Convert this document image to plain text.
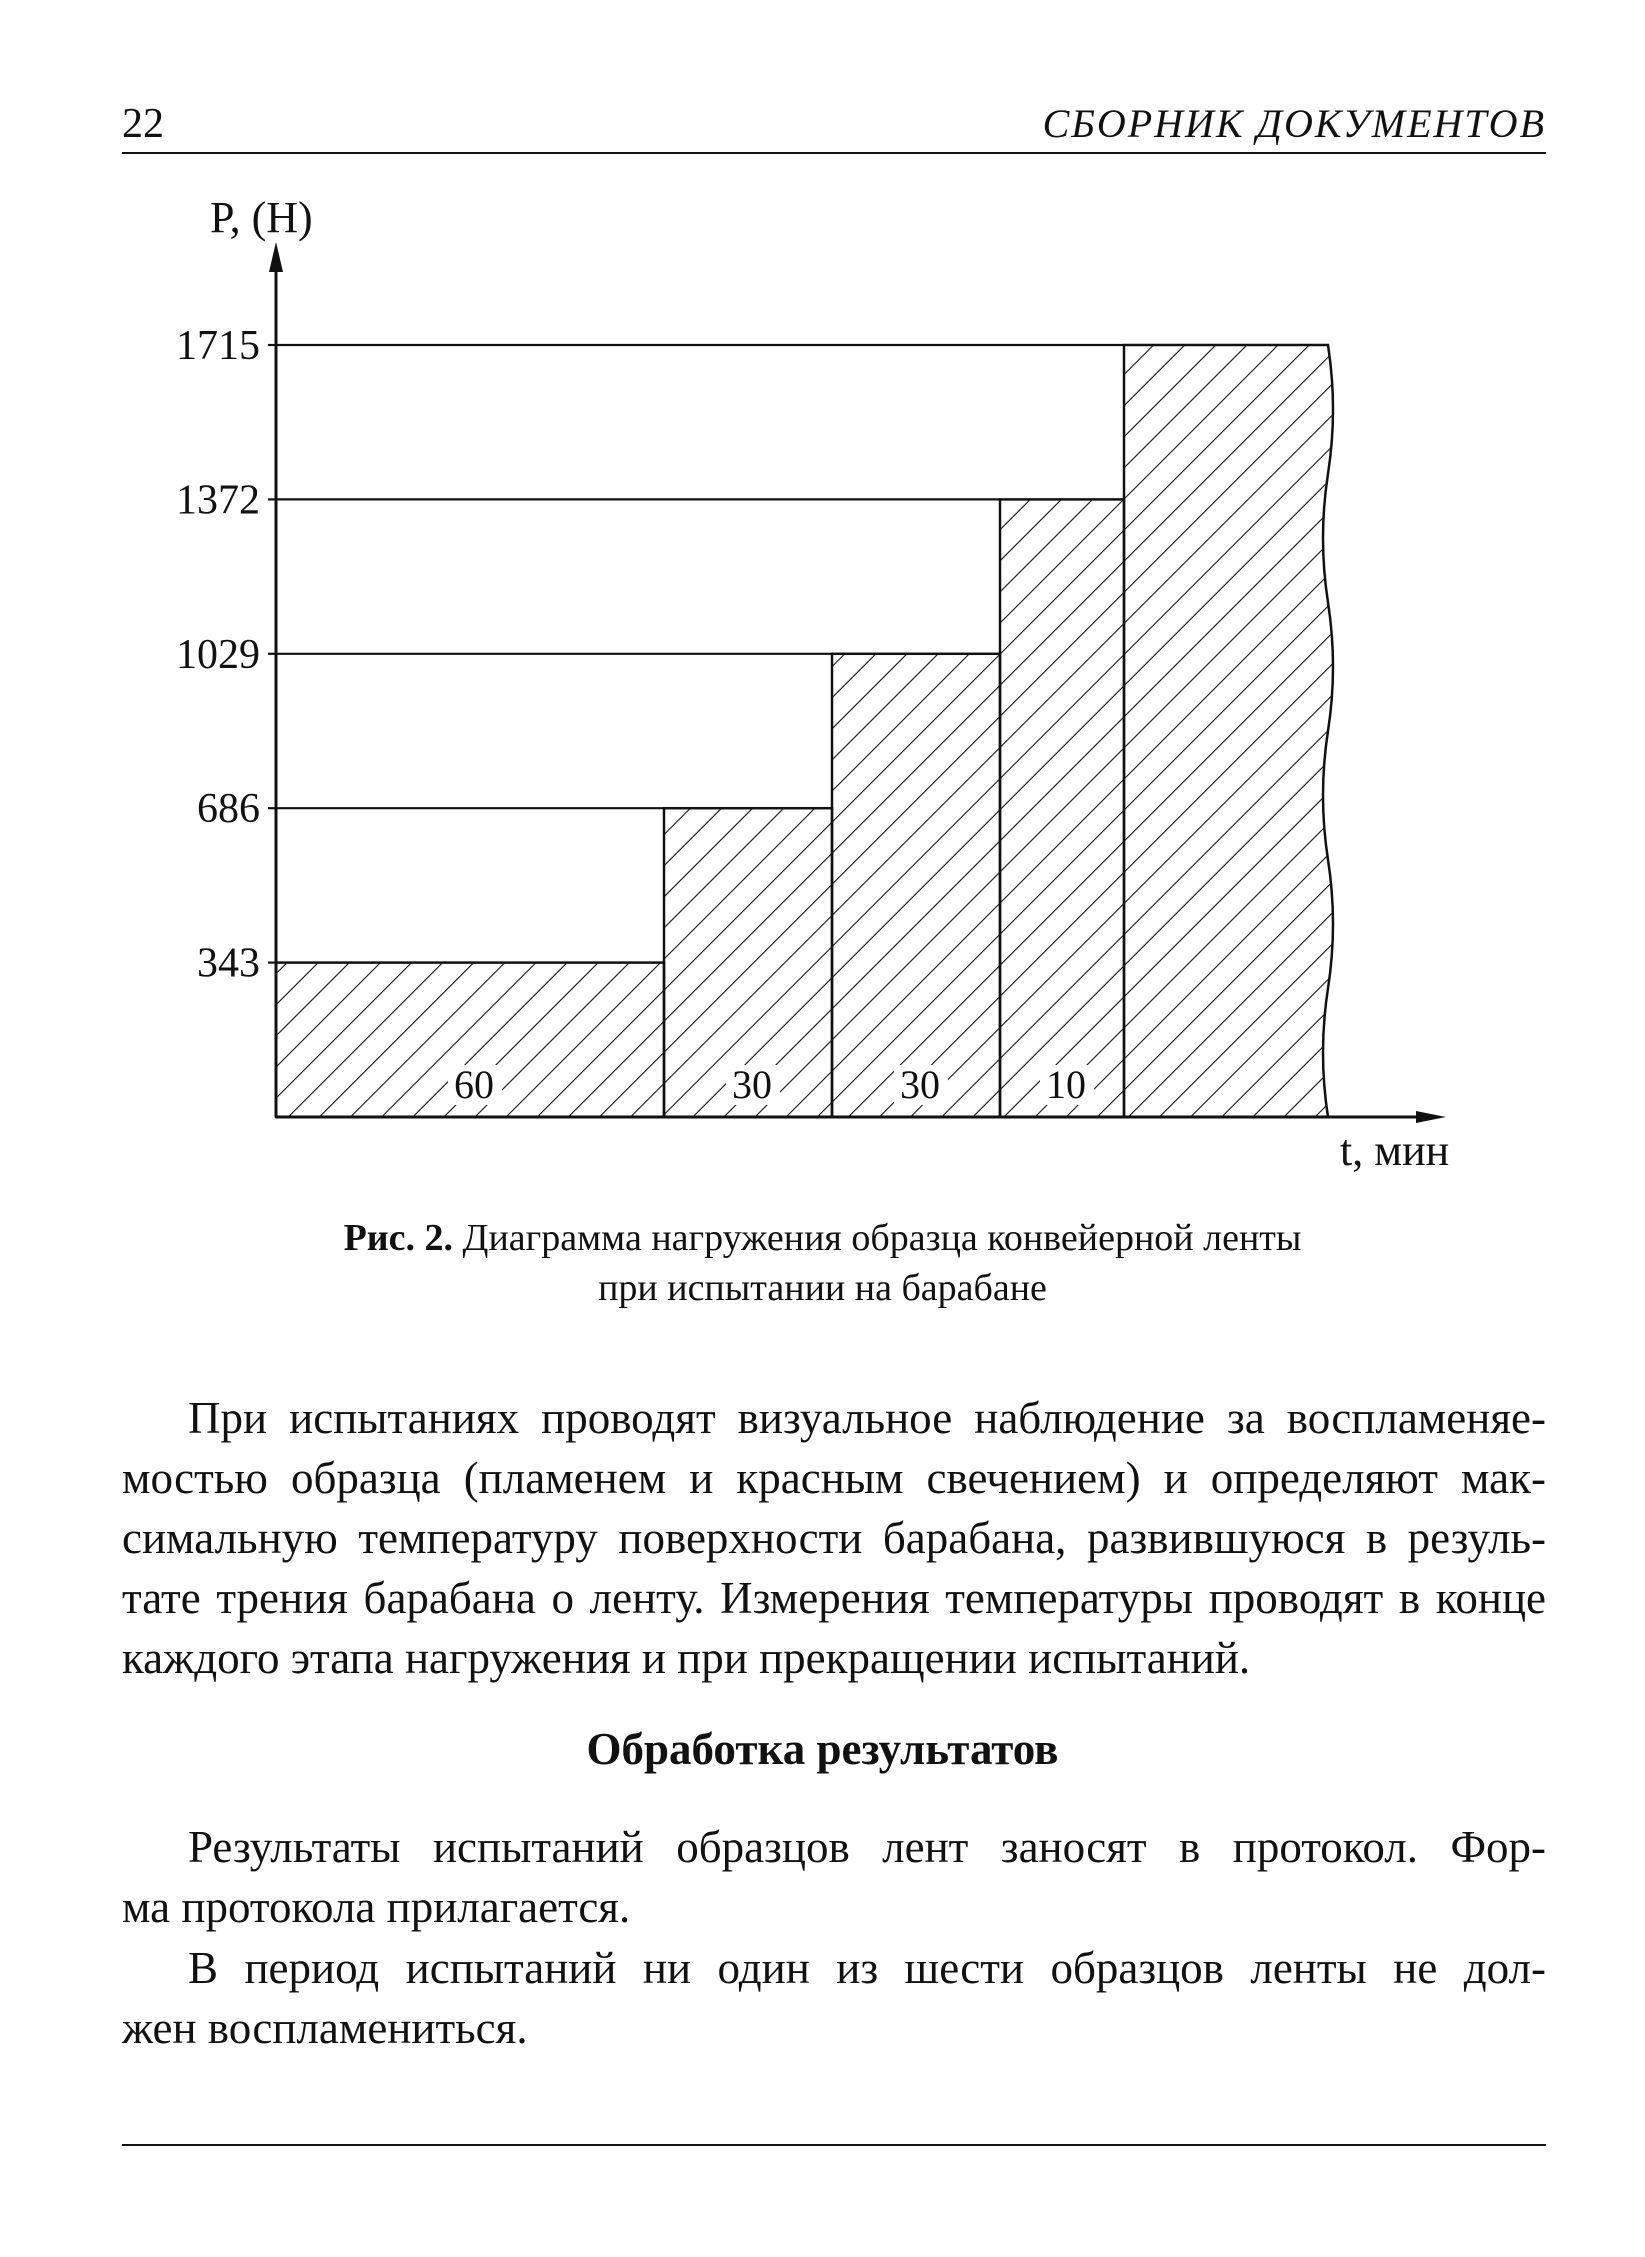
22	СБОРНИК ДОКУМЕНТОВ
60	30	30	10
343
686
1029
1372
1715
P, (Н)
t, мин
Рис. 2. Диаграмма нагружения образца конвейерной ленты
при испытании на барабане
При испытаниях проводят визуальное наблюдение за воспламеняе-
мостью образца (пламенем и красным свечением) и определяют мак-
симальную температуру поверхности барабана, развившуюся в резуль-
тате трения барабана о ленту. Измерения температуры проводят в конце
каждого этапа нагружения и при прекращении испытаний.
Обработка результатов
Результаты испытаний образцов лент заносят в протокол. Фор-
ма протокола прилагается.
В период испытаний ни один из шести образцов ленты не дол-
жен воспламениться.
